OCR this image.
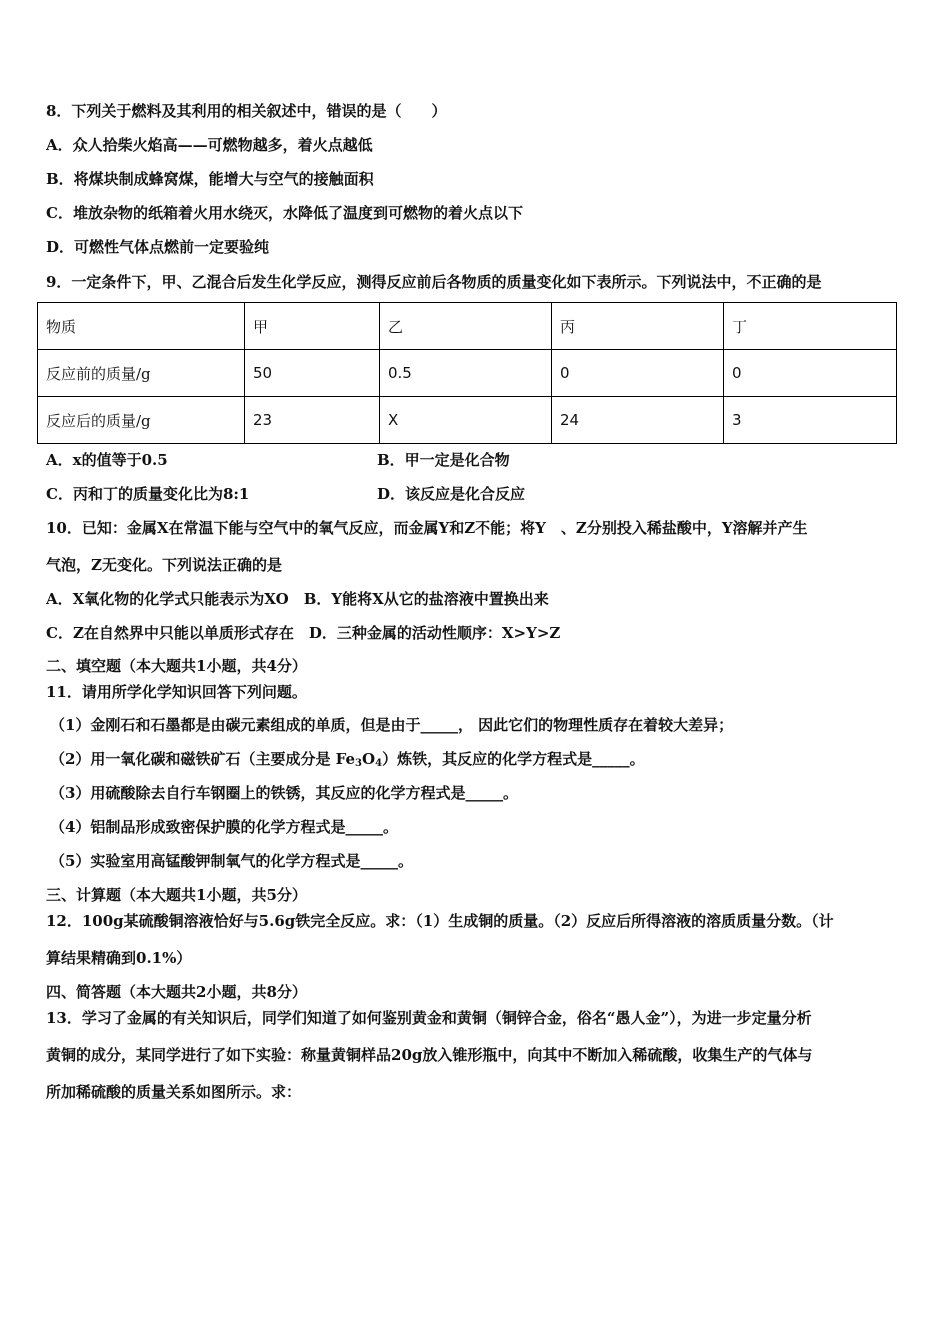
8．下列关于燃料及其利用的相关叙述中，错误的是（　　）
A．众人拾柴火焰高——可燃物越多，着火点越低
B．将煤块制成蜂窝煤，能增大与空气的接触面积
C．堆放杂物的纸箱着火用水绕灭，水降低了温度到可燃物的着火点以下
D．可燃性气体点燃前一定要验纯
9．一定条件下，甲、乙混合后发生化学反应，测得反应前后各物质的质量变化如下表所示。下列说法中，不正确的是
物质	甲	乙	丙	丁
反应前的质量/g	50	0.5	0	0
反应后的质量/g	23	X	24	3
A．x的值等于0.5	B．甲一定是化合物
C．丙和丁的质量变化比为8:1	D．该反应是化合反应
10．已知：金属X在常温下能与空气中的氧气反应，而金属Y和Z不能；将Y　、Z分别投入稀盐酸中，Y溶解并产生
气泡，Z无变化。下列说法正确的是
A．X氧化物的化学式只能表示为XO　B．Y能将X从它的盐溶液中置换出来
C．Z在自然界中只能以单质形式存在　D．三种金属的活动性顺序：X>Y>Z
二、填空题（本大题共1小题，共4分）
11．请用所学化学知识回答下列问题。
（1）金刚石和石墨都是由碳元素组成的单质，但是由于_____， 因此它们的物理性质存在着较大差异；
（2）用一氧化碳和磁铁矿石（主要成分是 $Fe_3O_4$）炼铁，其反应的化学方程式是_____。
（3）用硫酸除去自行车钢圈上的铁锈，其反应的化学方程式是_____。
（4）铝制品形成致密保护膜的化学方程式是_____。
（5）实验室用高锰酸钾制氧气的化学方程式是_____。
三、计算题（本大题共1小题，共5分）
12．100g某硫酸铜溶液恰好与5.6g铁完全反应。求：（1）生成铜的质量。（2）反应后所得溶液的溶质质量分数。（计
算结果精确到0.1%）
四、简答题（本大题共2小题，共8分）
13．学习了金属的有关知识后，同学们知道了如何鉴别黄金和黄铜（铜锌合金，俗名“愚人金”），为进一步定量分析
黄铜的成分，某同学进行了如下实验：称量黄铜样品20g放入锥形瓶中，向其中不断加入稀硫酸，收集生产的气体与
所加稀硫酸的质量关系如图所示。求：
